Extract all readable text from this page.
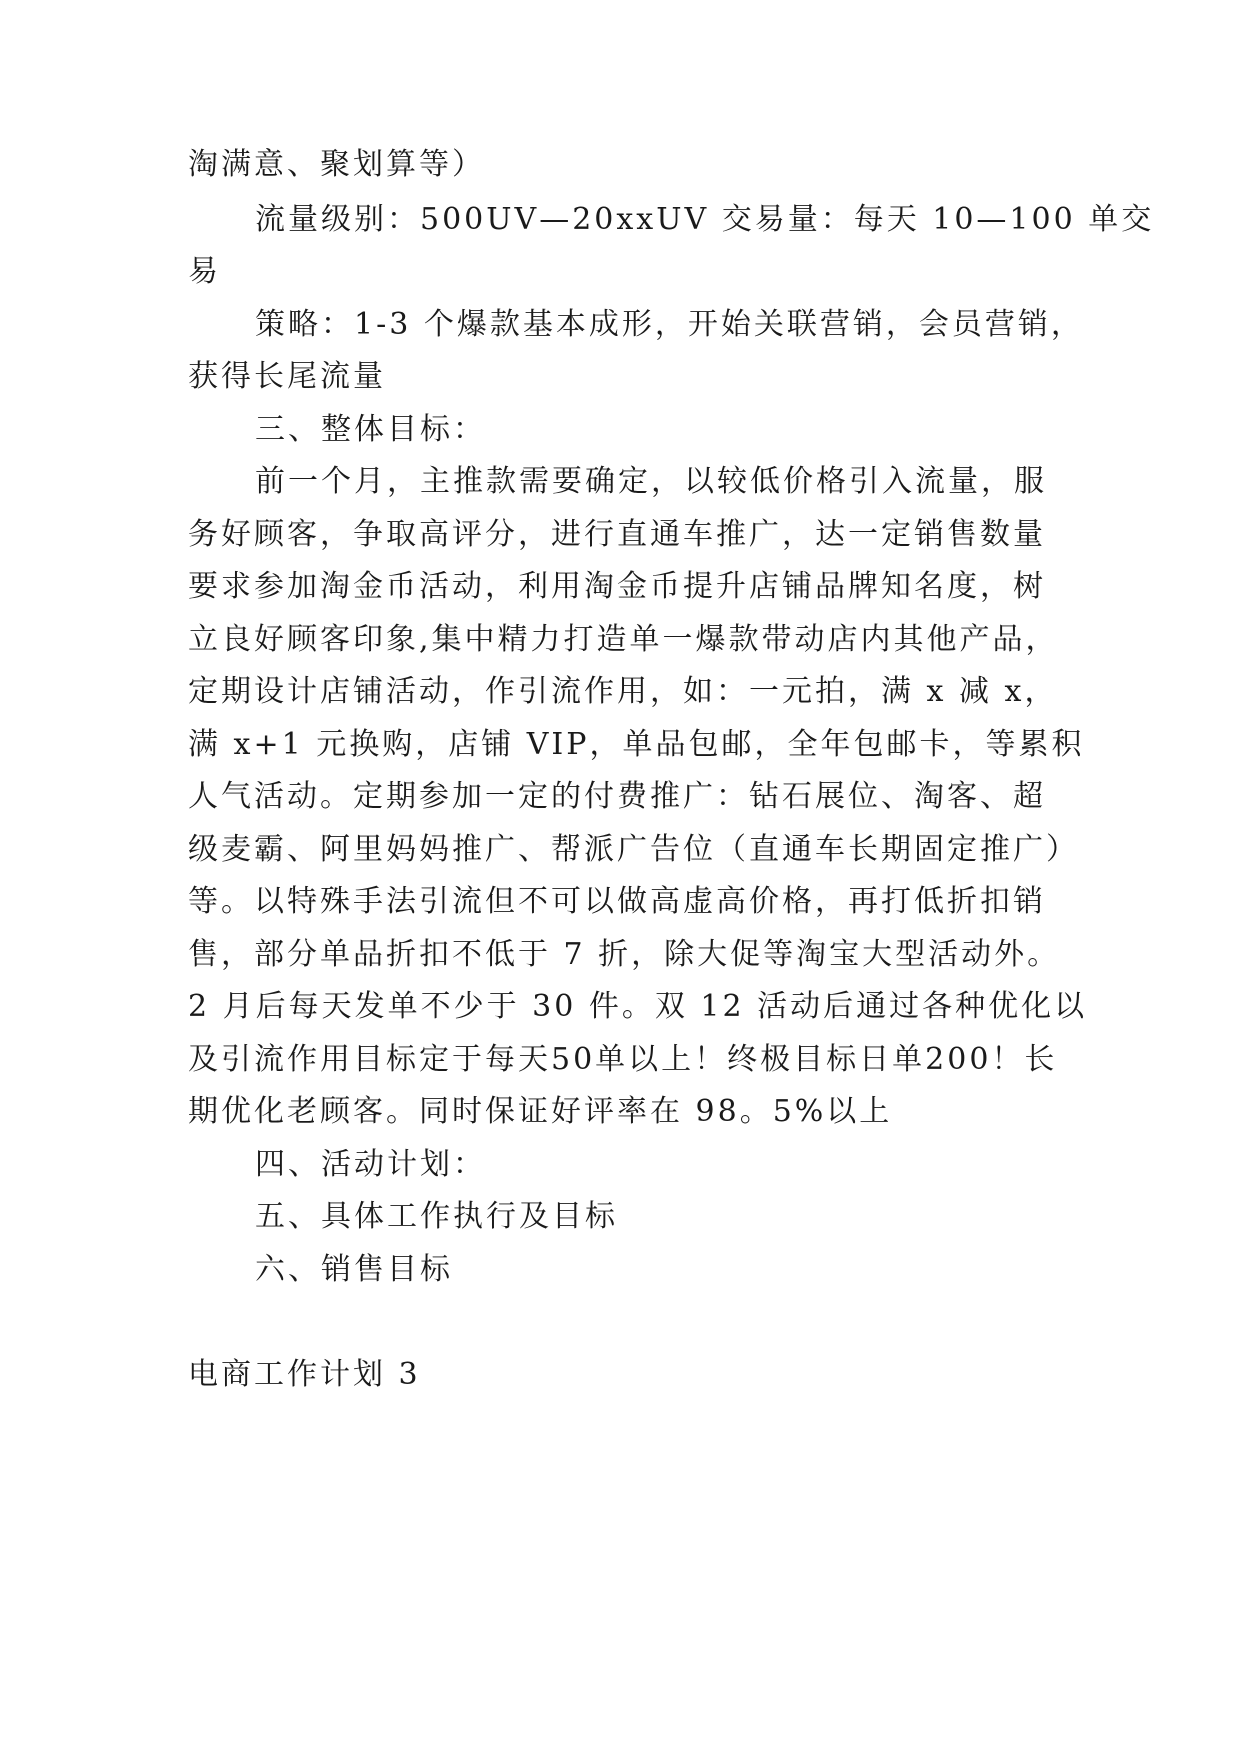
淘满意、聚划算等）
流量级别：500UV—20xxUV 交易量：每天 10—100 单交
易
策略：1-3 个爆款基本成形，开始关联营销，会员营销，
获得长尾流量
三、整体目标：
前一个月，主推款需要确定，以较低价格引入流量，服
务好顾客，争取高评分，进行直通车推广，达一定销售数量
要求参加淘金币活动，利用淘金币提升店铺品牌知名度，树
立良好顾客印象,集中精力打造单一爆款带动店内其他产品，
定期设计店铺活动，作引流作用，如：一元拍，满 x 减 x，
满 x+1 元换购，店铺 VIP，单品包邮，全年包邮卡，等累积
人气活动。定期参加一定的付费推广：钻石展位、淘客、超
级麦霸、阿里妈妈推广、帮派广告位（直通车长期固定推广）
等。以特殊手法引流但不可以做高虚高价格，再打低折扣销
售，部分单品折扣不低于 7 折，除大促等淘宝大型活动外。
2 月后每天发单不少于 30 件。双 12 活动后通过各种优化以
及引流作用目标定于每天50单以上！终极目标日单200！长
期优化老顾客。同时保证好评率在 98。5%以上
四、活动计划：
五、具体工作执行及目标
六、销售目标
电商工作计划 3
